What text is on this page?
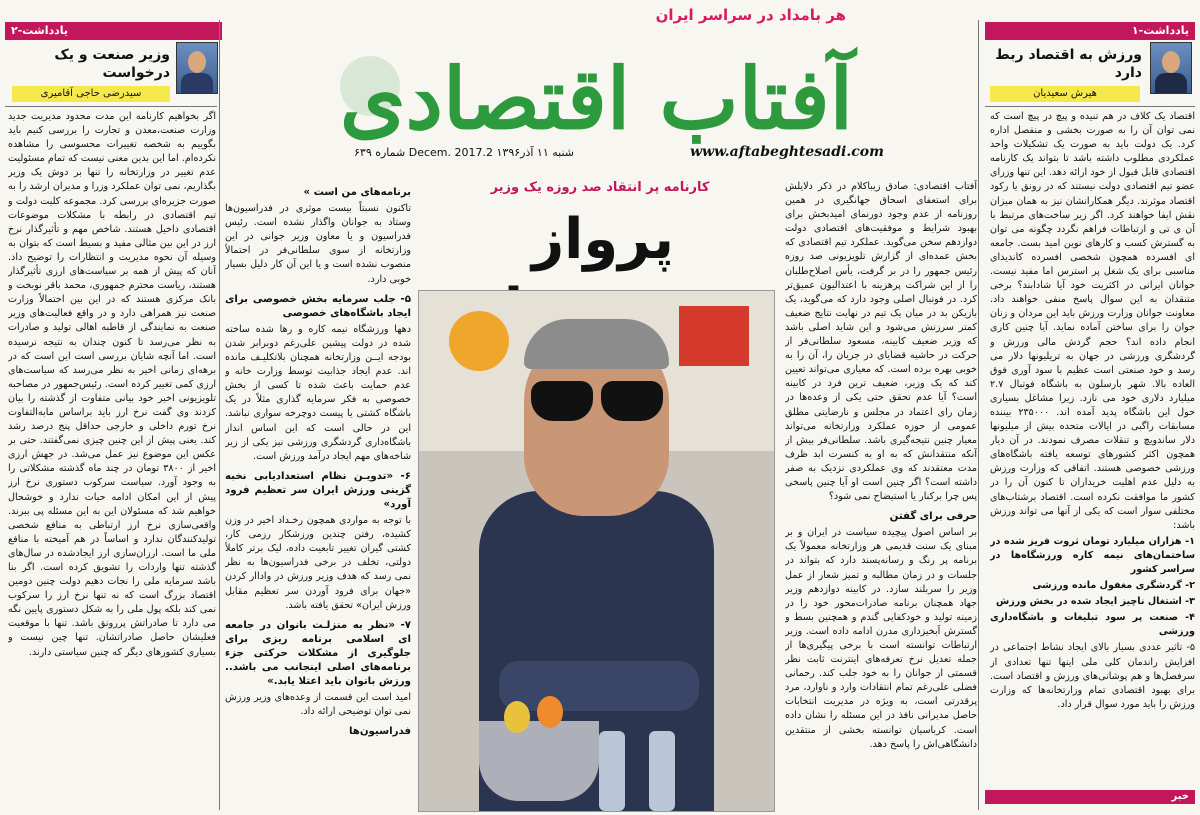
هر بامداد در سراسر ایران
آفتاب اقتصادی
www.aftabeghtesadi.com
شنبه ۱۱ آذر۱۳۹۶ 2.Decem. 2017 شماره ۶۳۹
یادداشت-۱
ورزش به اقتصاد ربط دارد
هیرش سعیدیان

اقتصاد یک کلاف در هم تنیده و پیچ در پیچ است که نمی توان آن را به صورت بخشی و منفصل اداره کرد. یک دولت باید به صورت یک تشکیلات واحد عملکردی مطلوب داشته باشد تا بتواند یک کارنامه اقتصادی قابل قبول از خود ارائه دهد. این تنها وزرای عضو تیم اقتصادی دولت نیستند که در رونق یا رکود اقتصاد موثرند. دیگر همکارانشان نیز به همان میزان نقش ایفا خواهند کرد. اگر زیر ساخت‌های مرتبط با آن ی تی و ارتباطات فراهم نگردد چگونه می توان به گسترش کسب و کارهای نوین امید بست. جامعه ای افسرده همچون شخصی افسرده کاندیدای مناسبی برای یک شغل پر استرس اما مفید نیست. جوانان ایرانی در اکثریت خود آیا شادابند؟ برخی متنقدان به این سوال پاسخ منفی خواهند داد. معاونت جوانان وزارت ورزش باید این مردان و زنان جوان را برای ساختن آماده نماید. آیا چنین کاری انجام داده اند؟ حجم گردش مالی ورزش و گردشگری ورزشی در جهان به تریلیونها دلار می رسد و خود صنعتی است عظیم با سود آوری فوق العاده بالا. شهر بارسلون به باشگاه فوتبال ۲.۷ میلیارد دلاری خود می نازد. زیرا مشاغل بسیاری حول این باشگاه پدید آمده اند. ۲۳۵۰۰۰ بیننده مسابقات راگبی در ایالات متحده بیش از میلیونها دلار ساندویچ و تنقلات مصرف نمودند. در آن دیار همچون اکثر کشورهای توسعه یافته باشگاه‌های ورزشی خصوصی هستند. اتفاقی که وزارت ورزش به دلیل عدم اهلیت خریداران تا کنون آن را در کشور ما موافقت نکرده است. اقتصاد برشتاب‌های مختلفی سوار است که یکی از آنها می تواند ورزش باشد:

۱- هزاران میلیارد تومان ثروت فریز شده در ساختمان‌های نیمه کاره ورزشگاه‌ها در سراسر کشور

۲- گردشگری مغفول مانده ورزشی

۳- اشتغال ناچیز ایجاد شده در بخش ورزش

۴- صنعت پر سود تبلیغات و باشگاه‌داری ورزشی

۵- تاثیر عددی بسیار بالای ایجاد نشاط اجتماعی در افزایش راندمان کلی ملی اینها تنها تعدادی از سرفصل‌ها و هم پوشانی‌های ورزش و اقتصاد است. برای بهبود اقتصادی تمام وزارتخانه‌ها که وزارت ورزش را باید مورد سوال قرار داد.

خبر
یادداشت-۲
وزیر صنعت و یک درخواست
سیدرضی حاجی آقامیری

اگر بخواهیم کارنامه این مدت محدود مدیریت جدید وزارت صنعت،معدن و تجارت را بررسی کنیم باید بگوییم به شخصه تغییرات محسوسی را مشاهده نکرده‌ام. اما این بدین معنی نیست که تمام مسئولیت عدم تغییر در وزارتخانه را تنها بر دوش یک وزیر بگذاریم، نمی توان عملکرد وزرا و مدیران ارشد را به صورت جزیره‌ای بررسی کرد. مجموعه کلیت دولت و تیم اقتصادی در رابطه با مشکلات موضوعات اقتصادی داخیل هستند. شاخص مهم و تأثیرگذار نرخ ارز در این بین مثالی مفید و بسیط است که بتوان به وسیله آن نحوه مدیریت و انتظارات را توضیح داد. آنان که پیش از همه بر سیاست‌های ارزی تأثیرگذار هستند، ریاست محترم جمهوری، محمد باقر نوبخت و بانک مرکزی هستند که در این بین احتمالاً وزارت صنعت نیز همراهی دارد و در واقع فعالیت‌های وزیر صنعت به نمایندگی از قاطبه اهالی تولید و صادرات به نظر می‌رسد تا کنون چندان به نتیجه نرسیده است. اما آنچه شایان بررسی است این است که در برهه‌ای زمانی اخیر به نظر می‌رسد که سیاست‌های ارزی کمی تغییر کرده است. رئیس‌جمهور در مصاحبه تلویزیونی اخیر خود بیانی متفاوت از گذشته را بیان کردند وی گفت نرخ ارز باید براساس مابه‌التفاوت نرخ تورم داخلی و خارجی حداقل پنج درصد رشد کند. یعنی پیش از این چنین چیزی نمی‌گفتند. حتی بر عکس این موضوع نیز عمل می‌شد. در جهش ارزی اخیر از ۳۸۰۰ تومان در چند ماه گذشته مشکلاتی را به وجود آورد. سیاست سرکوب دستوری نرخ ارز پیش از این امکان ادامه حیات ندارد و خوشحال خواهیم شد که مسئولان این به این مسئله پی ببرند. واقعی‌سازی نرخ ارز ارتباطی به منافع شخصی تولیدکنندگان ندارد و اساساً در هم آمیخته با منافع ملی ما است. ارزان‌سازی ارز ایجادشده در سال‌های گذشته تنها واردات را تشویق کرده است. اگر بنا باشد سرمایه ملی را نجات دهیم دولت چنین دومین اقتصاد بزرگ است که نه تنها نرخ ارز را سرکوب نمی کند بلکه پول ملی را به شکل دستوری پایین نگه می دارد تا صادراتش پررونق باشد. تنها با موقعیت فعلیشان حاصل صادراتشان. تنها چین نیست و بسیاری کشورهای دیگر که چنین سیاستی دارند.

کارنامه پر انتقاد صد روزه یک وزیر
پرواز

آفتاب اقتصادی: صادق زیباکلام در ذکر دلایلش برای استعفای اسحاق جهانگیری در همین روزنامه از عدم وجود دورنمای امیدبخش برای بهبود شرایط و موفقیت‌های اقتصادی دولت دوازدهم سخن می‌گوید. عملکرد تیم اقتصادی که بخش عمده‌ای از گزارش تلویزیونی صد روزه رئیس جمهور را در بر گرفت، یأس اصلاح‌طلبان را از این شراکت پرهزینه با اعتدالیون عمیق‌تر کرد. در فوتبال اصلی وجود دارد که می‌گوید، یک بازیکن بد در میان یک تیم در نهایت نتایج ضعیف کمتر سرزنش می‌شود و این شاید اصلی باشد که وزیر ضعیف کابینه، مسعود سلطانی‌فر از حرکت در حاشیه قضایای در جریان را، آن را به خوبی بهره برده است. که معیاری می‌تواند تعیین کند که یک وزیر، ضعیف ترین فرد در کابینه است؟ آیا عدم تحقق حتی یکی از وعده‌ها در زمان رای اعتماد در مجلس و نارضایتی مطلق عمومی از حوزه عملکرد وزارتخانه می‌تواند معیار چنین نتیجه‌گیری باشد. سلطانی‌فر بیش از آنکه منتقدانش که به او به کنسرت ابد ظرف مدت معتقدند که وی عملکردی نزدیک به صفر داشته است؟ اگر چنین است او آیا چنین پاسخی پس چرا برکنار یا استیضاح نمی شود؟

حرفی برای گفتن

بر اساس اصول پیچیده سیاست در ایران و بر مبنای یک سنت قدیمی هر وزارتخانه معمولاً یک برنامه پر رنگ و رسانه‌پسند دارد که بتواند در جلسات و در زمان مطالبه و تمیز شعار از عمل وزیر را سربلند سازد. در کابینه دوازدهم وزیر جهاد همچنان برنامه صادرات‌محور خود را در زمینه تولید و خودکفایی گندم و همچنین بسط و گسترش آبخیزداری مدرن ادامه داده است. وزیر ارتباطات توانسته است با برخی پیگیری‌ها از جمله تعدیل نرخ تعرفه‌های اینترنت ثابت نظر قسمتی از جوانان را به خود جلب کند. رحمانی فضلی علی‌رغم تمام انتقادات وارد و ناوارد، مرد پرقدرتی است، به ویژه در مدیریت انتخابات حاصل مدیرانی نافذ در این مسئله را نشان داده است. کرباسیان توانسته بخشی از منتقدین دانشگاهی‌اش را پاسخ دهد.

برنامه‌های من است »

تاکنون نسبتاً بیست موثری در فدراسیون‌ها وستاد به جوانان واگذار نشده است. رئیس فدراسیون و یا معاون وزیر جوانی در این وزارتخانه از سوی سلطانی‌فر در احتمالاً منصوب نشده است و یا این آن کار دلیل بسیار خوبی دارد.

۵- جلب سرمایه بخش خصوصی برای ایجاد باشگاه‌های خصوصی

دهها ورزشگاه نیمه کاره و رها شده ساخته شده در دولت پیشین علی‌رغم دوبرابر شدن بودجه ایــن وزارتخانه همچنان بلاتکلیـف مانده اند. عدم ایجاد جذابیت توسط وزارت خانه و عدم حمایت باعث شده تا کسی از بخش خصوصی به فکر سرمایه گذاری مثلاً در یک باشگاه کشتی یا پیست دوچرخه سواری نباشد. این در حالی است که این اساس انداز باشگاه‌داری گردشگری ورزشی نیز یکی از زیر شاخه‌های مهم ایجاد درآمد ورزش است.

۶- «تدویـن نظام استعدادیابی نخبه گزینی ورزش ایران سر تعظیم فرود آورد»

با توجه به مواردی همچون رخـداد اخیر در وزن کشیده، رفتن چندین ورزشکار رزمی کار، کشتی گیران تغییر تابعیت داده، لیک برتر کاملاً دولتی، تخلف در برخی فدراسیون‌ها به نظر نمی رسد که هدف وزیر ورزش در واداار کردن «جهان برای فرود آوردن سر تعظیم مقابل ورزش ایران» تحقق یافته باشد.

۷- «نظر به منزلـت بانوان در جامعه ای اسلامی برنامه ریزی برای جلوگیری از مشکلات حرکتی جزء برنامه‌های اصلی اینجانب می باشد.. ورزش بانوان باید اعتلا یابد.»

امید است این قسمت از وعده‌های وزیر ورزش نمی توان توضیحی ارائه داد.

فدراسیون‌ها
